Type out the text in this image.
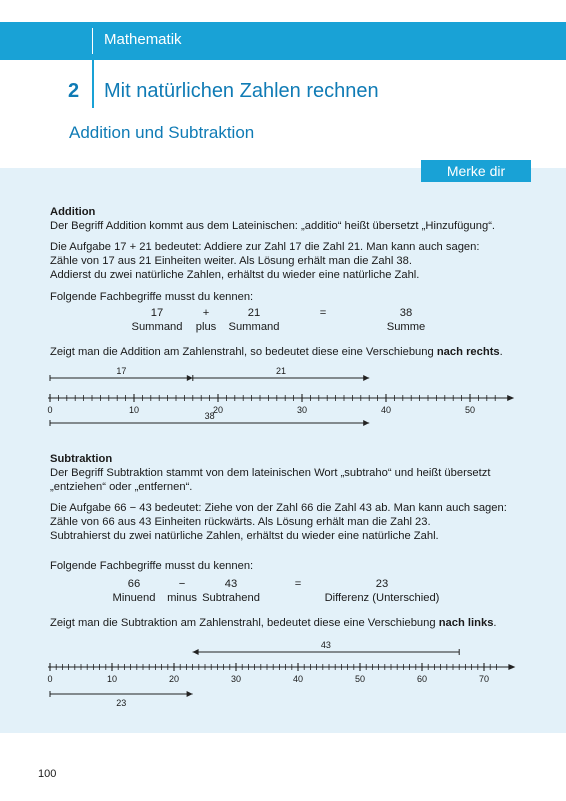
Mathematik
2 Mit natürlichen Zahlen rechnen
Addition und Subtraktion
Merke dir
Addition
Der Begriff Addition kommt aus dem Lateinischen: „additio“ heißt übersetzt „Hinzufügung“.
Die Aufgabe 17 + 21 bedeutet: Addiere zur Zahl 17 die Zahl 21. Man kann auch sagen:
Zähle von 17 aus 21 Einheiten weiter. Als Lösung erhält man die Zahl 38.
Addierst du zwei natürliche Zahlen, erhältst du wieder eine natürliche Zahl.
Folgende Fachbegriffe musst du kennen:
17	+	21	=	38
Summand plus Summand	Summe
Zeigt man die Addition am Zahlenstrahl, so bedeutet diese eine Verschiebung nach rechts.
0	10	20	30	40	50
17	21
38
Subtraktion
Der Begriff Subtraktion stammt von dem lateinischen Wort „subtraho“ und heißt übersetzt
„entziehen“ oder „entfernen“.
Die Aufgabe 66 − 43 bedeutet: Ziehe von der Zahl 66 die Zahl 43 ab. Man kann auch sagen:
Zähle von 66 aus 43 Einheiten rückwärts. Als Lösung erhält man die Zahl 23.
Subtrahierst du zwei natürliche Zahlen, erhältst du wieder eine natürliche Zahl.
Folgende Fachbegriffe musst du kennen:
66	−	43	=	23
Minuend minus Subtrahend	Differenz (Unterschied)
Zeigt man die Subtraktion am Zahlenstrahl, bedeutet diese eine Verschiebung nach links.
0	10	20	30	40	50	60	70
43
23
100
